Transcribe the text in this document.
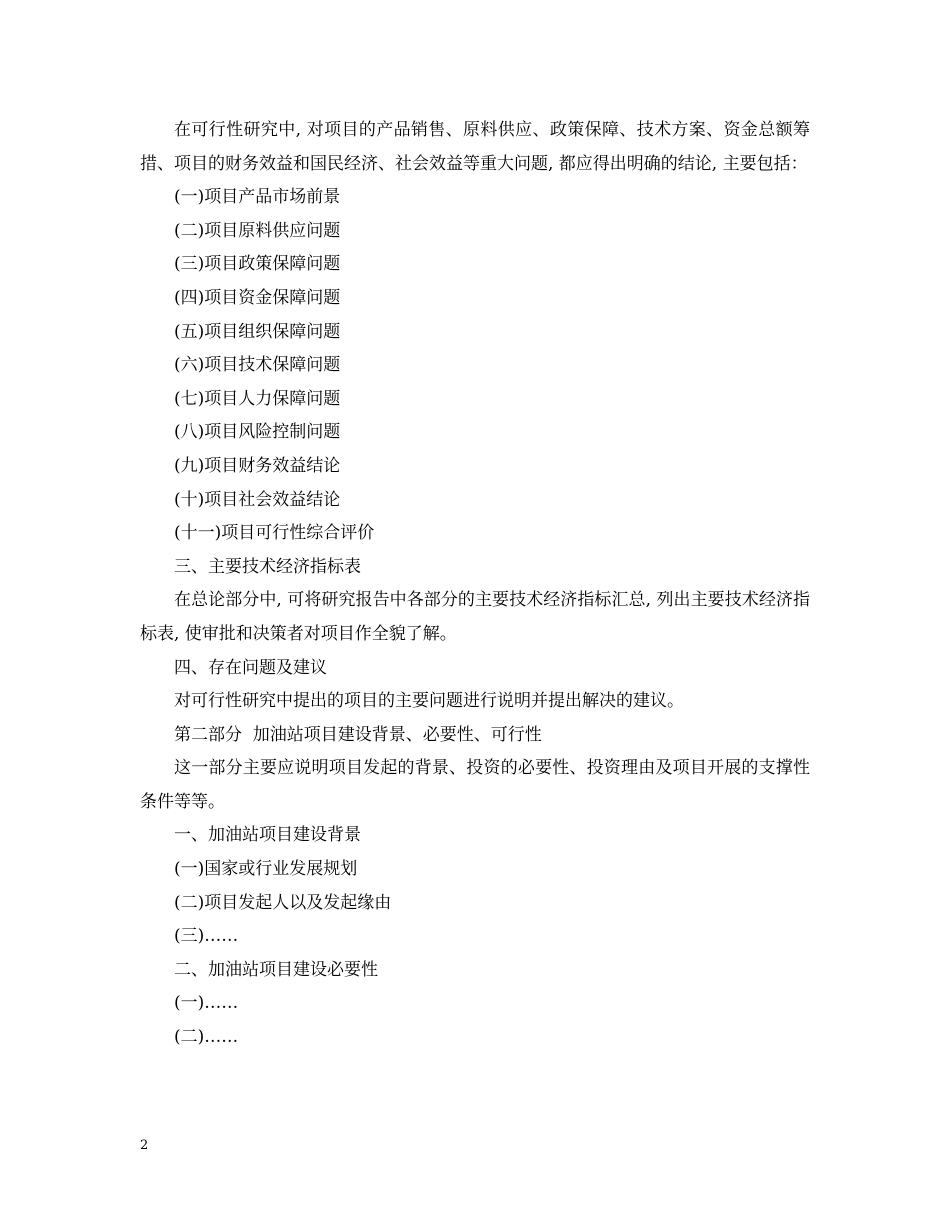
在可行性研究中, 对项目的产品销售、原料供应、政策保障、技术方案、资金总额筹措、项目的财务效益和国民经济、社会效益等重大问题, 都应得出明确的结论, 主要包括：

(一)项目产品市场前景

(二)项目原料供应问题

(三)项目政策保障问题

(四)项目资金保障问题

(五)项目组织保障问题

(六)项目技术保障问题

(七)项目人力保障问题

(八)项目风险控制问题

(九)项目财务效益结论

(十)项目社会效益结论

(十一)项目可行性综合评价

三、主要技术经济指标表

在总论部分中, 可将研究报告中各部分的主要技术经济指标汇总, 列出主要技术经济指标表, 使审批和决策者对项目作全貌了解。

四、存在问题及建议

对可行性研究中提出的项目的主要问题进行说明并提出解决的建议。

第二部分  加油站项目建设背景、必要性、可行性

这一部分主要应说明项目发起的背景、投资的必要性、投资理由及项目开展的支撑性条件等等。

一、加油站项目建设背景

(一)国家或行业发展规划

(二)项目发起人以及发起缘由

(三)……

二、加油站项目建设必要性

(一)……

(二)……

2
